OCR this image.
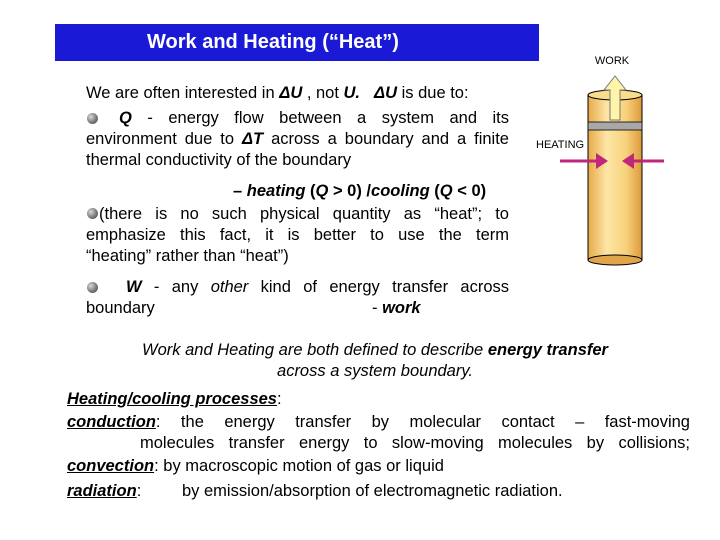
Work and Heating (“Heat”)
We are often interested in ΔU , not U. ΔU is due to:
Q - energy flow between a system and its
environment due to ΔT across a boundary and a finite
thermal conductivity of the boundary
– heating (Q > 0) /cooling (Q < 0)
(there is no such physical quantity as “heat”; to
emphasize this fact, it is better to use the term
“heating” rather than “heat”)
W - any other kind of energy transfer across
boundary	- work
Work and Heating are both defined to describe energy transfer
across a system boundary.
Heating/cooling processes:
conduction: the energy transfer by molecular contact – fast-moving
molecules transfer energy to slow-moving molecules by collisions;
convection: by macroscopic motion of gas or liquid
radiation: by emission/absorption of electromagnetic radiation.
WORK
HEATING
